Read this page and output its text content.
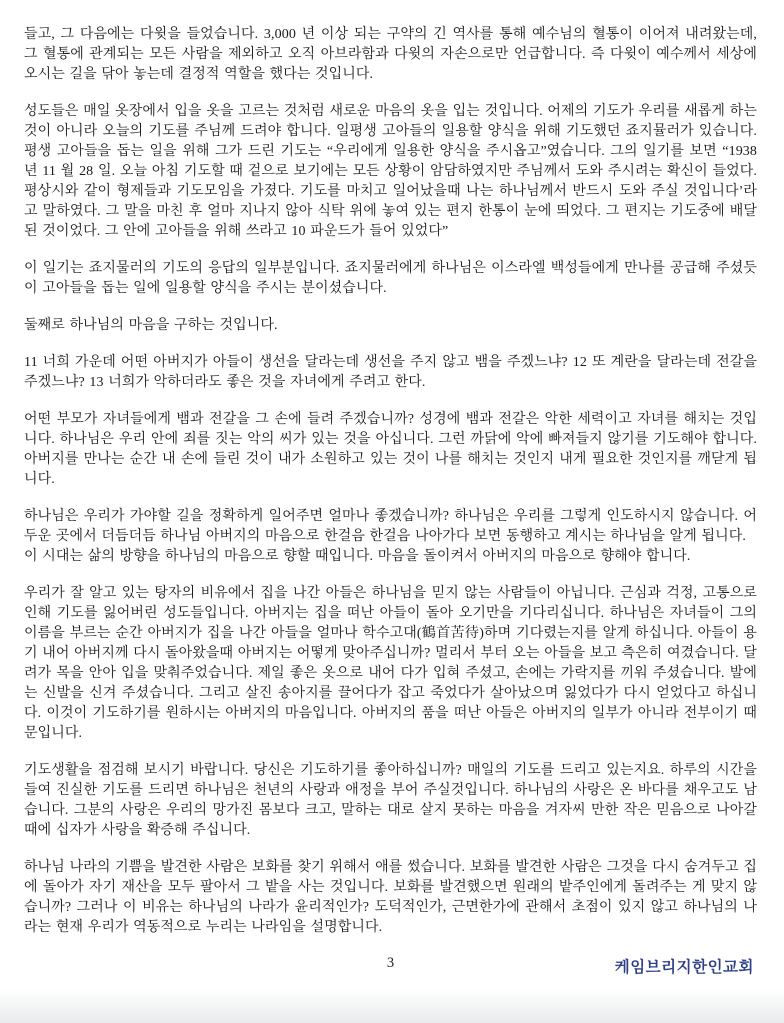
들고, 그 다음에는 다윗을 들었습니다. 3,000 년 이상 되는 구약의 긴 역사를 통해 예수님의 혈통이 이어져 내려왔는데, 그 혈통에 관계되는 모든 사람을 제외하고 오직 아브라함과 다윗의 자손으로만 언급합니다. 즉 다윗이 예수께서 세상에 오시는 길을 닦아 놓는데 결정적 역할을 했다는 것입니다.

성도들은 매일 옷장에서 입을 옷을 고르는 것처럼 새로운 마음의 옷을 입는 것입니다. 어제의 기도가 우리를 새롭게 하는 것이 아니라 오늘의 기도를 주님께 드려야 합니다. 일평생 고아들의 일용할 양식을 위해 기도했던 죠지뮬러가 있습니다. 평생 고아들을 돕는 일을 위해 그가 드린 기도는 “우리에게 일용한 양식을 주시옵고”였습니다. 그의 일기를 보면 “1938 년 11 월 28 일. 오늘 아침 기도할 때 겉으로 보기에는 모든 상황이 암담하였지만 주님께서 도와 주시려는 확신이 들었다. 평상시와 같이 형제들과 기도모임을 가졌다. 기도를 마치고 일어났을때 나는 하나님께서 반드시 도와 주실 것입니다’라고 말하였다. 그 말을 마친 후 얼마 지나지 않아 식탁 위에 놓여 있는 편지 한통이 눈에 띄었다. 그 편지는 기도중에 배달된 것이었다. 그 안에 고아들을 위해 쓰라고 10 파운드가 들어 있었다”

이 일기는 죠지물러의 기도의 응답의 일부분입니다. 죠지물러에게 하나님은 이스라엘 백성들에게 만나를 공급해 주셨듯이 고아들을 돕는 일에 일용할 양식을 주시는 분이셨습니다.

둘째로 하나님의 마음을 구하는 것입니다.

11 너희 가운데 어떤 아버지가 아들이 생선을 달라는데 생선을 주지 않고 뱀을 주겠느냐? 12 또 계란을 달라는데 전갈을 주겠느냐? 13 너희가 악하더라도 좋은 것을 자녀에게 주려고 한다.

어떤 부모가 자녀들에게 뱀과 전갈을 그 손에 들려 주겠습니까? 성경에 뱀과 전갈은 악한 세력이고 자녀를 해치는 것입니다. 하나님은 우리 안에 죄를 짓는 악의 씨가 있는 것을 아십니다. 그런 까닭에 악에 빠져들지 않기를 기도해야 합니다. 아버지를 만나는 순간 내 손에 들린 것이 내가 소원하고 있는 것이 나를 해치는 것인지 내게 필요한 것인지를 깨닫게 됩니다.

하나님은 우리가 가야할 길을 정확하게 일어주면 얼마나 좋겠습니까? 하나님은 우리를 그렇게 인도하시지 않습니다. 어두운 곳에서 더듬더듬 하나님 아버지의 마음으로 한걸음 한걸음 나아가다 보면 동행하고 계시는 하나님을 알게 됩니다.

이 시대는 삶의 방향을 하나님의 마음으로 향할 때입니다. 마음을 돌이켜서 아버지의 마음으로 향해야 합니다.

우리가 잘 알고 있는 탕자의 비유에서 집을 나간 아들은 하나님을 믿지 않는 사람들이 아닙니다. 근심과 걱정, 고통으로 인해 기도를 잃어버린 성도들입니다. 아버지는 집을 떠난 아들이 돌아 오기만을 기다리십니다. 하나님은 자녀들이 그의 이름을 부르는 순간 아버지가 집을 나간 아들을 얼마나 학수고대(鶴首苦待)하며 기다렸는지를 알게 하십니다. 아들이 용기 내어 아버지께 다시 돌아왔을때 아버지는 어떻게 맞아주십니까? 멀리서 부터 오는 아들을 보고 측은히 여겼습니다. 달려가 목을 안아 입을 맞춰주었습니다. 제일 좋은 옷으로 내어 다가 입혀 주셨고, 손에는 가락지를 끼워 주셨습니다. 발에는 신발을 신겨 주셨습니다. 그리고 살진 송아지를 끌어다가 잡고 죽었다가 살아났으며 잃었다가 다시 얻었다고 하십니다. 이것이 기도하기를 원하시는 아버지의 마음입니다. 아버지의 품을 떠난 아들은 아버지의 일부가 아니라 전부이기 때문입니다.

기도생활을 점검해 보시기 바랍니다. 당신은 기도하기를 좋아하십니까? 매일의 기도를 드리고 있는지요. 하루의 시간을 들여 진실한 기도를 드리면 하나님은 천년의 사랑과 애정을 부어 주실것입니다. 하나님의 사랑은 온 바다를 채우고도 남습니다. 그분의 사랑은 우리의 망가진 몸보다 크고, 말하는 대로 살지 못하는 마음을 겨자씨 만한 작은 믿음으로 나아갈때에 십자가 사랑을 확증해 주십니다.

하나님 나라의 기쁨을 발견한 사람은 보화를 찾기 위해서 애를 썼습니다. 보화를 발견한 사람은 그것을 다시 숨겨두고 집에 돌아가 자기 재산을 모두 팔아서 그 밭을 사는 것입니다. 보화를 발견했으면 원래의 밭주인에게 돌려주는 게 맞지 않습니까? 그러나 이 비유는 하나님의 나라가 윤리적인가? 도덕적인가, 근면한가에 관해서 초점이 있지 않고 하나님의 나라는 현재 우리가 역동적으로 누리는 나라임을 설명합니다.

3	케임브리지한인교회
